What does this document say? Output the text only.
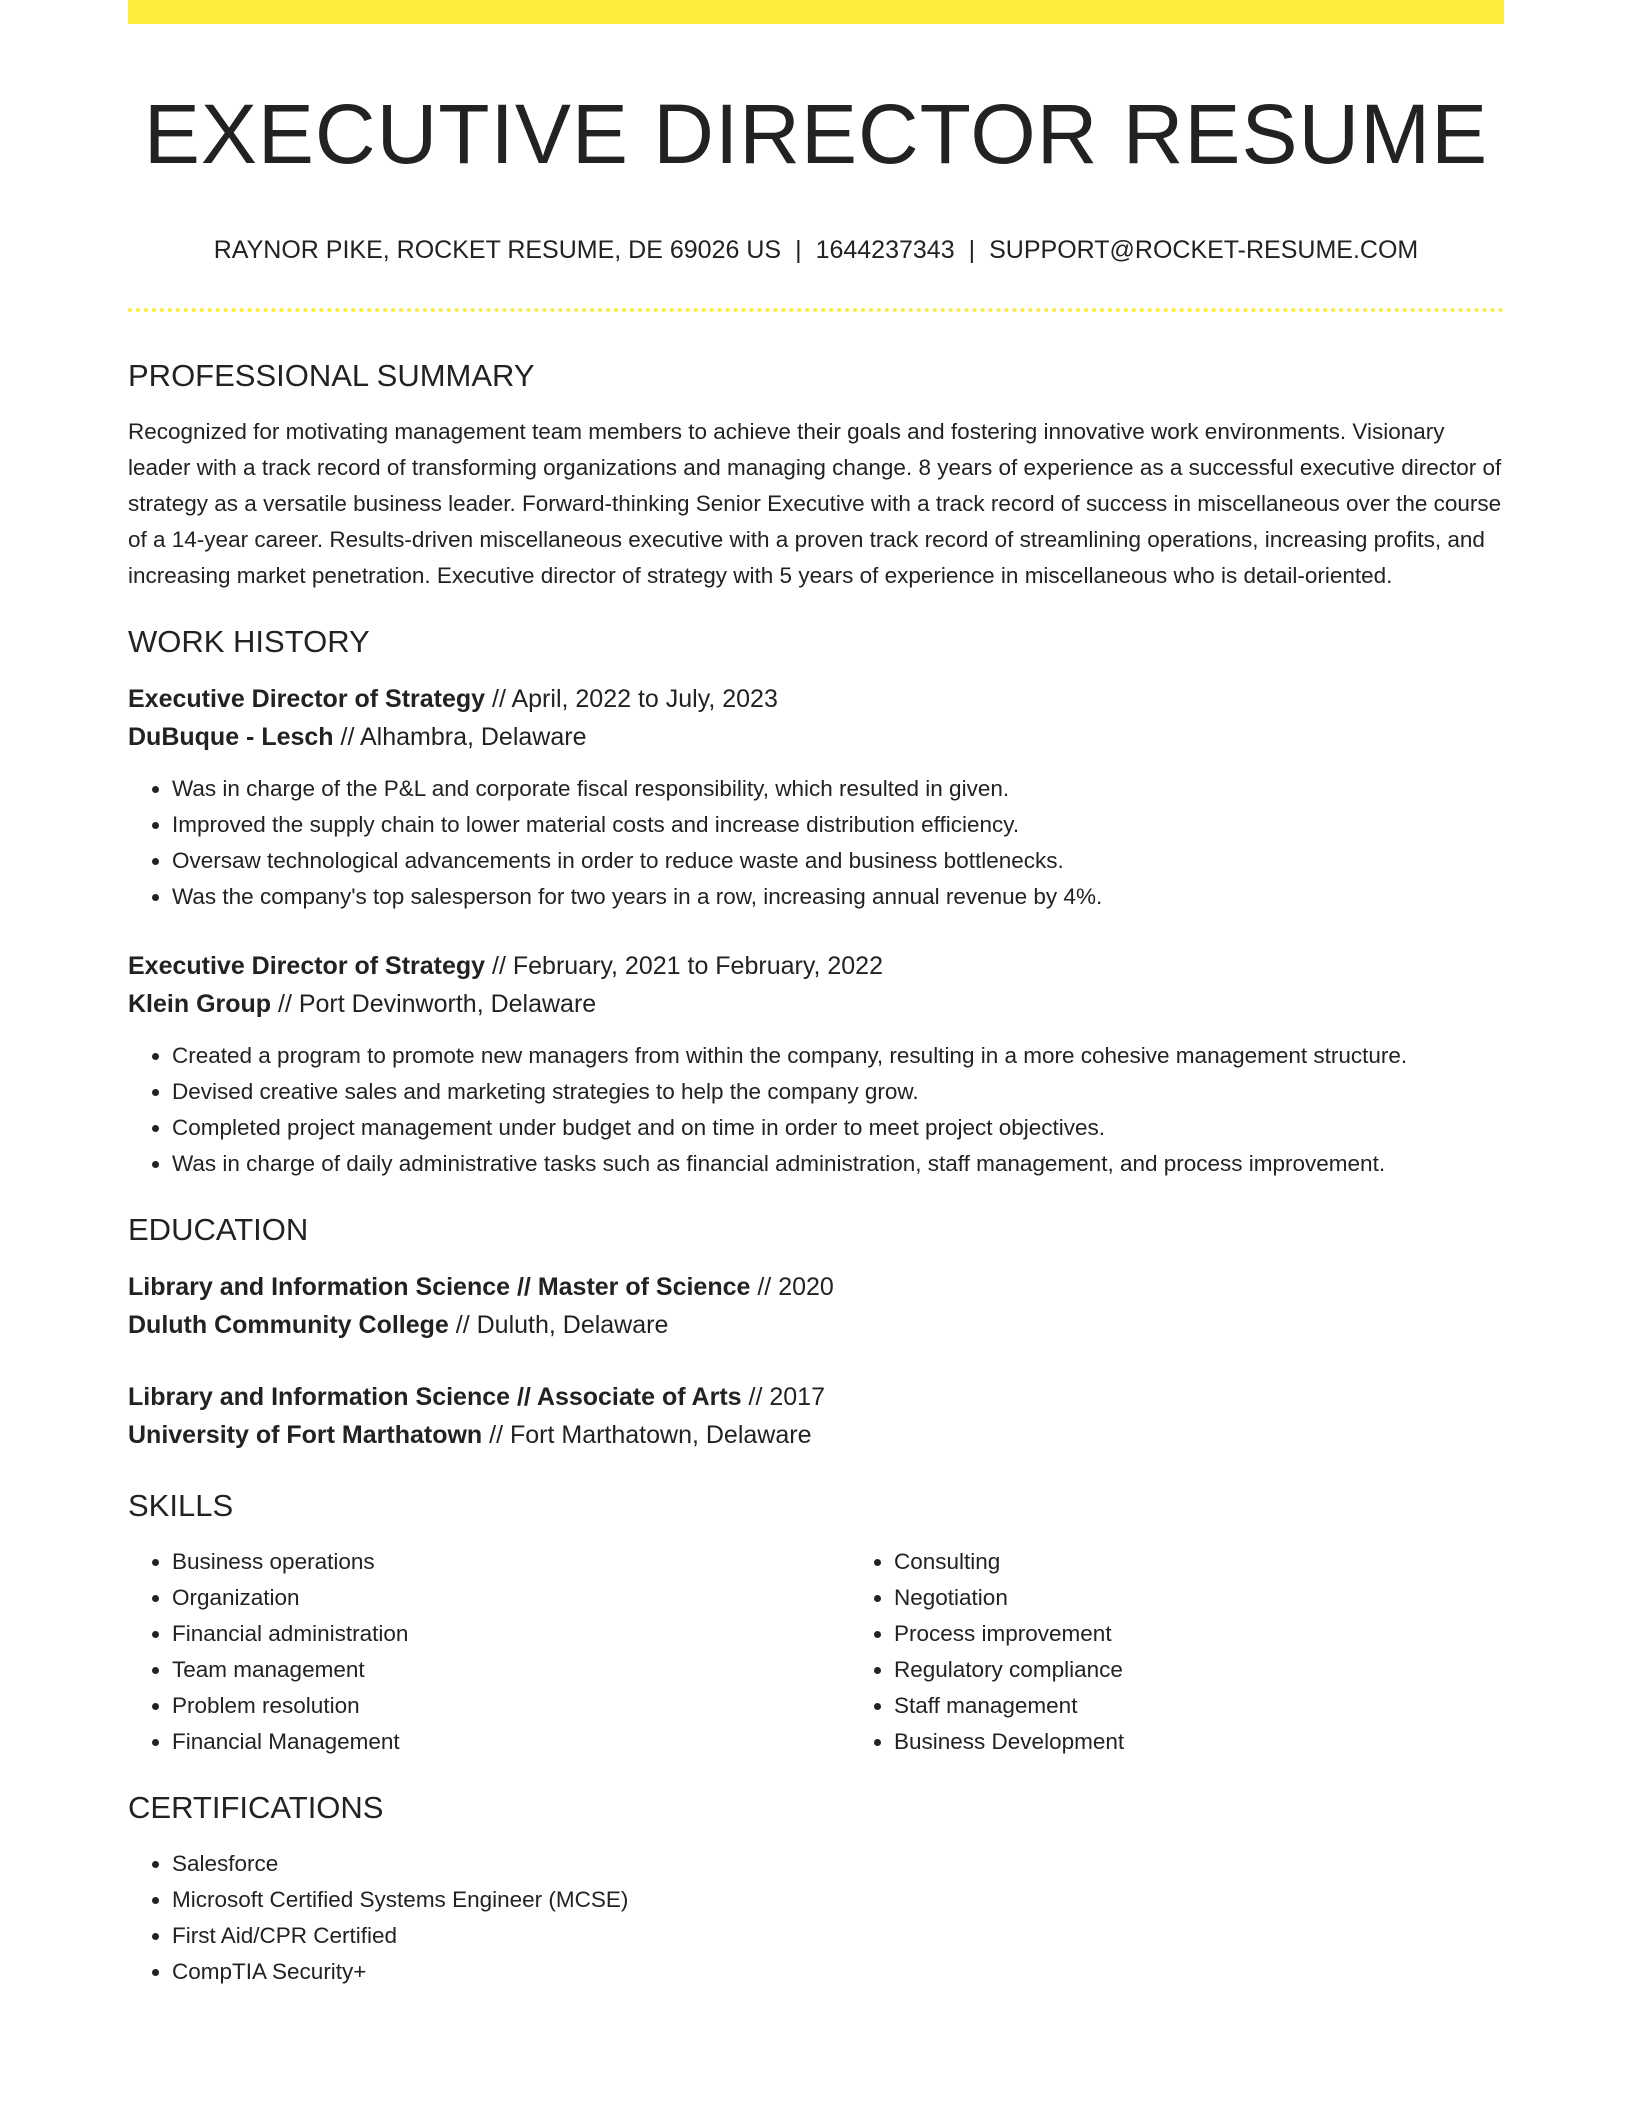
EXECUTIVE DIRECTOR RESUME
RAYNOR PIKE, ROCKET RESUME, DE 69026 US | 1644237343 | SUPPORT@ROCKET-RESUME.COM
PROFESSIONAL SUMMARY

Recognized for motivating management team members to achieve their goals and fostering innovative work environments. Visionary leader with a track record of transforming organizations and managing change. 8 years of experience as a successful executive director of strategy as a versatile business leader. Forward-thinking Senior Executive with a track record of success in miscellaneous over the course of a 14-year career. Results-driven miscellaneous executive with a proven track record of streamlining operations, increasing profits, and increasing market penetration. Executive director of strategy with 5 years of experience in miscellaneous who is detail-oriented.

WORK HISTORY
Executive Director of Strategy // April, 2022 to July, 2023
DuBuque - Lesch // Alhambra, Delaware
• Was in charge of the P&L and corporate fiscal responsibility, which resulted in given.
• Improved the supply chain to lower material costs and increase distribution efficiency.
• Oversaw technological advancements in order to reduce waste and business bottlenecks.
• Was the company's top salesperson for two years in a row, increasing annual revenue by 4%.
Executive Director of Strategy // February, 2021 to February, 2022
Klein Group // Port Devinworth, Delaware
• Created a program to promote new managers from within the company, resulting in a more cohesive management structure.
• Devised creative sales and marketing strategies to help the company grow.
• Completed project management under budget and on time in order to meet project objectives.
• Was in charge of daily administrative tasks such as financial administration, staff management, and process improvement.
EDUCATION
Library and Information Science // Master of Science // 2020
Duluth Community College // Duluth, Delaware
Library and Information Science // Associate of Arts // 2017
University of Fort Marthatown // Fort Marthatown, Delaware
SKILLS
• Business operations
• Organization
• Financial administration
• Team management
• Problem resolution
• Financial Management
• Consulting
• Negotiation
• Process improvement
• Regulatory compliance
• Staff management
• Business Development
CERTIFICATIONS
• Salesforce
• Microsoft Certified Systems Engineer (MCSE)
• First Aid/CPR Certified
• CompTIA Security+
